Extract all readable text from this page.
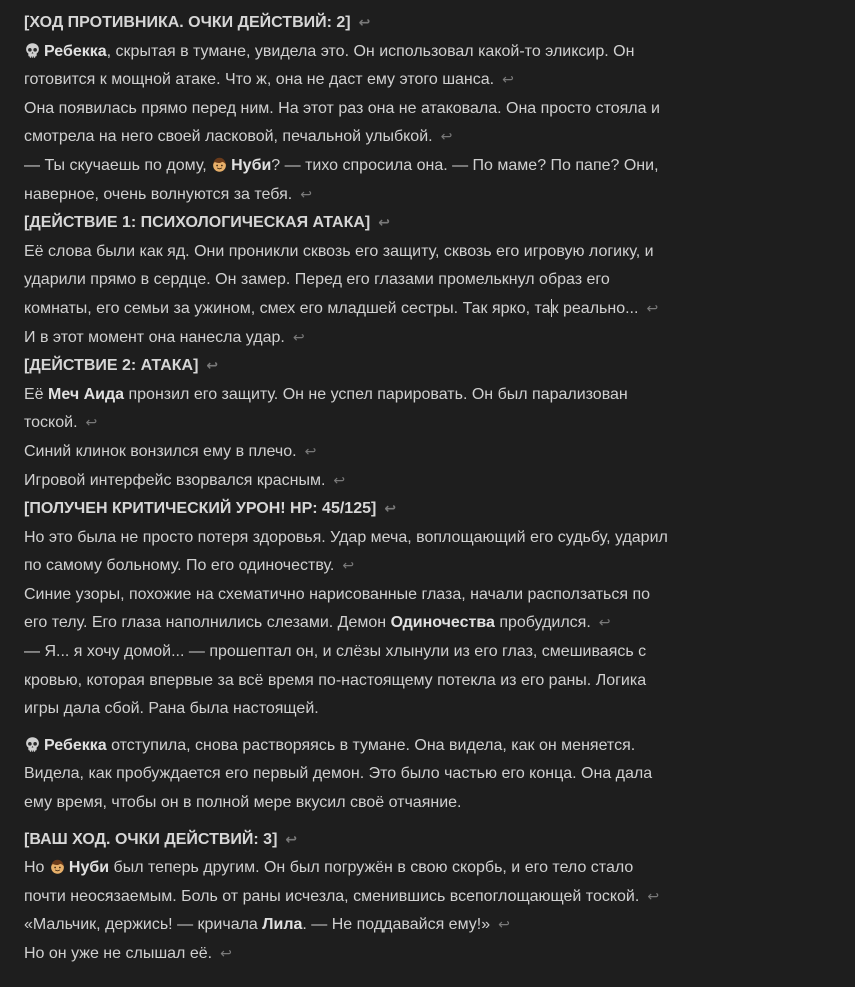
[ХОД ПРОТИВНИКА. ОЧКИ ДЕЙСТВИЙ: 2] ↩
Ребекка, скрытая в тумане, увидела это. Он использовал какой-то эликсир. Он
готовится к мощной атаке. Что ж, она не даст ему этого шанса. ↩
Она появилась прямо перед ним. На этот раз она не атаковала. Она просто стояла и
смотрела на него своей ласковой, печальной улыбкой. ↩
— Ты скучаешь по дому, Нуби? — тихо спросила она. — По маме? По папе? Они,
наверное, очень волнуются за тебя. ↩
[ДЕЙСТВИЕ 1: ПСИХОЛОГИЧЕСКАЯ АТАКА] ↩
Её слова были как яд. Они проникли сквозь его защиту, сквозь его игровую логику, и
ударили прямо в сердце. Он замер. Перед его глазами промелькнул образ его
комнаты, его семьи за ужином, смех его младшей сестры. Так ярко, так реально... ↩
И в этот момент она нанесла удар. ↩
[ДЕЙСТВИЕ 2: АТАКА] ↩
Её Меч Аида пронзил его защиту. Он не успел парировать. Он был парализован
тоской. ↩
Синий клинок вонзился ему в плечо. ↩
Игровой интерфейс взорвался красным. ↩
[ПОЛУЧЕН КРИТИЧЕСКИЙ УРОН! HP: 45/125] ↩
Но это была не просто потеря здоровья. Удар меча, воплощающий его судьбу, ударил
по самому больному. По его одиночеству. ↩
Синие узоры, похожие на схематично нарисованные глаза, начали расползаться по
его телу. Его глаза наполнились слезами. Демон Одиночества пробудился. ↩
— Я... я хочу домой... — прошептал он, и слёзы хлынули из его глаз, смешиваясь с
кровью, которая впервые за всё время по-настоящему потекла из его раны. Логика
игры дала сбой. Рана была настоящей.
Ребекка отступила, снова растворяясь в тумане. Она видела, как он меняется.
Видела, как пробуждается его первый демон. Это было частью его конца. Она дала
ему время, чтобы он в полной мере вкусил своё отчаяние.
[ВАШ ХОД. ОЧКИ ДЕЙСТВИЙ: 3] ↩
Но Нуби был теперь другим. Он был погружён в свою скорбь, и его тело стало
почти неосязаемым. Боль от раны исчезла, сменившись всепоглощающей тоской. ↩
«Мальчик, держись! — кричала Лила. — Не поддавайся ему!» ↩
Но он уже не слышал её. ↩
